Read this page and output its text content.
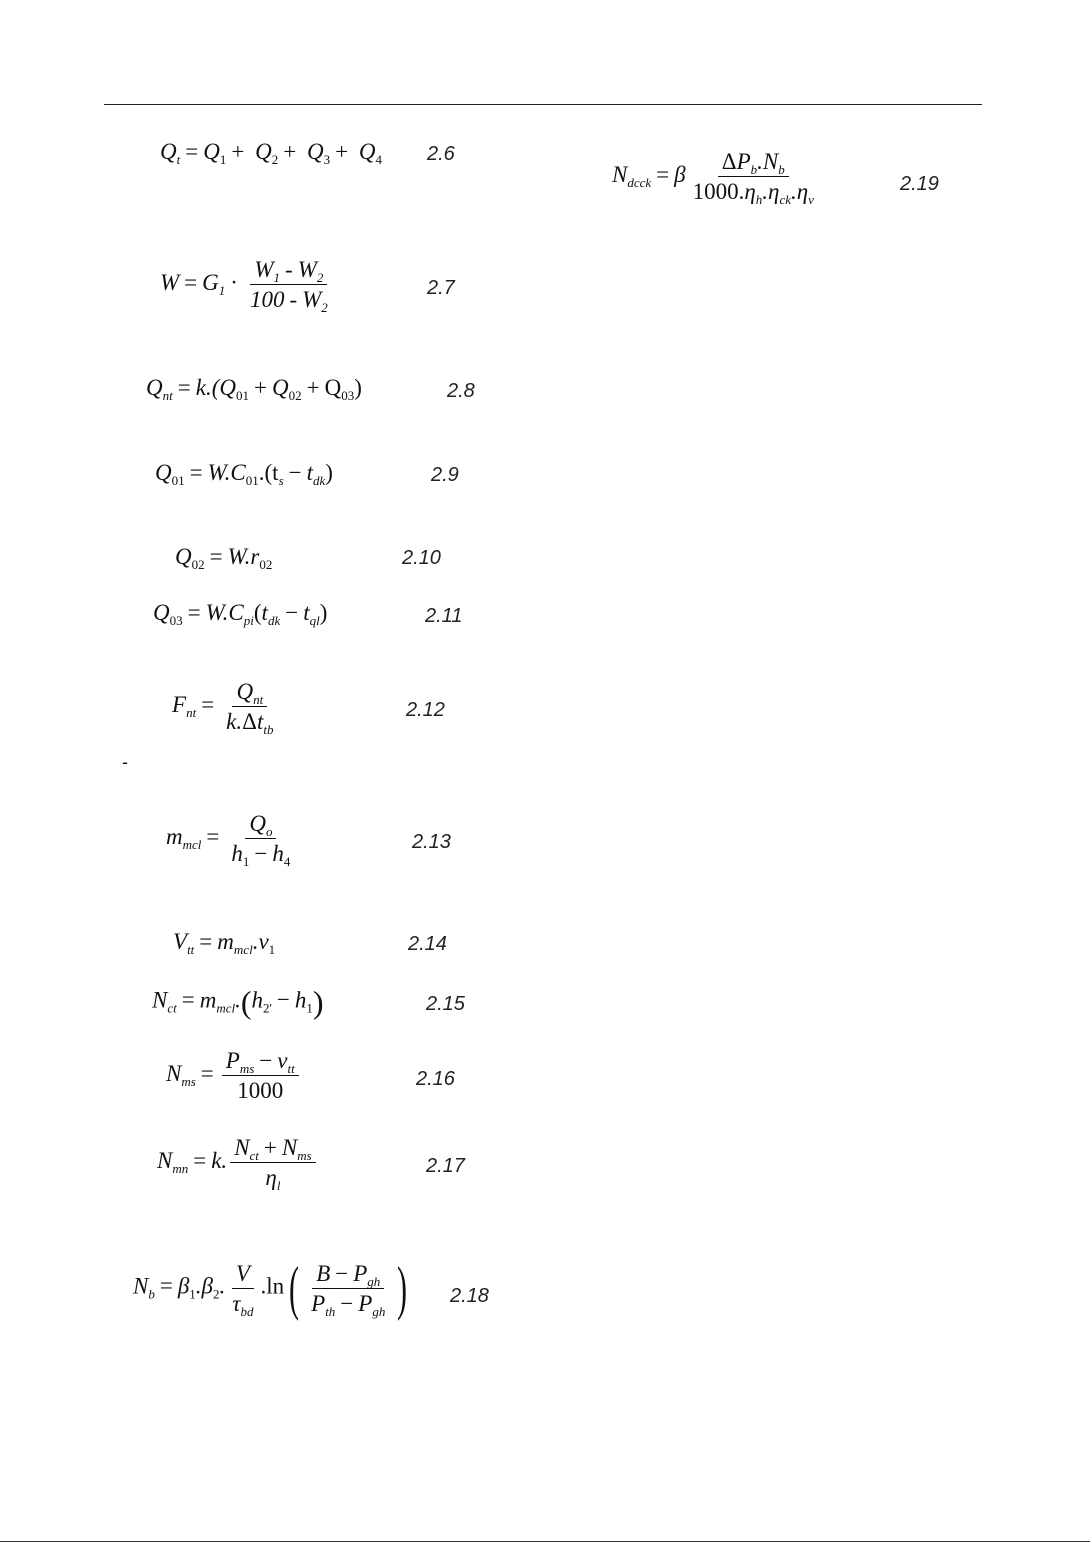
$Q_t = Q_1 + Q_2 + Q_3 + Q_4$ 2.6
$W = G_1 \cdot \frac{W_1 - W_2}{100 - W_2}$	2.7
$Q_{nt} = k.(Q_{01} + Q_{02} + Q_{03})$	2.8
$Q_{01} = W.C_{01}.(t_s - t_{dk})$	2.9
$Q_{02} = W.r_{02}$	2.10
$Q_{03} = W.C_{pi}(t_{dk} - t_{ql})$	2.11
$F_{nt} = \frac{Q_{nt}}{k.\Delta t_{tb}}$	2.12
-
$m_{mcl} = \frac{Q_o}{h_1 - h_4}$	2.13
$V_{tt} = m_{mcl}.v_1$	2.14
$N_{ct} = m_{mcl}.(h_{2'} - h_1)$	2.15
$N_{ms} = \frac{P_{ms} - v_{tt}}{1000}$	2.16
$N_{mn} = k$. $\frac{N_{ct} + N_{ms}}{\eta_l}$	2.17
$N_b = \beta_1.\beta_2$. $\frac{V}{\tau_{bd}} .\ln( \frac{B - P_{gh}}{P_{th} - P_{gh}}$ ) 2.18
$N_{dcck} = \beta \frac{\Delta P_b.N_b}{1000.\eta_h.\eta_{ck}.\eta_v}$	2.19
